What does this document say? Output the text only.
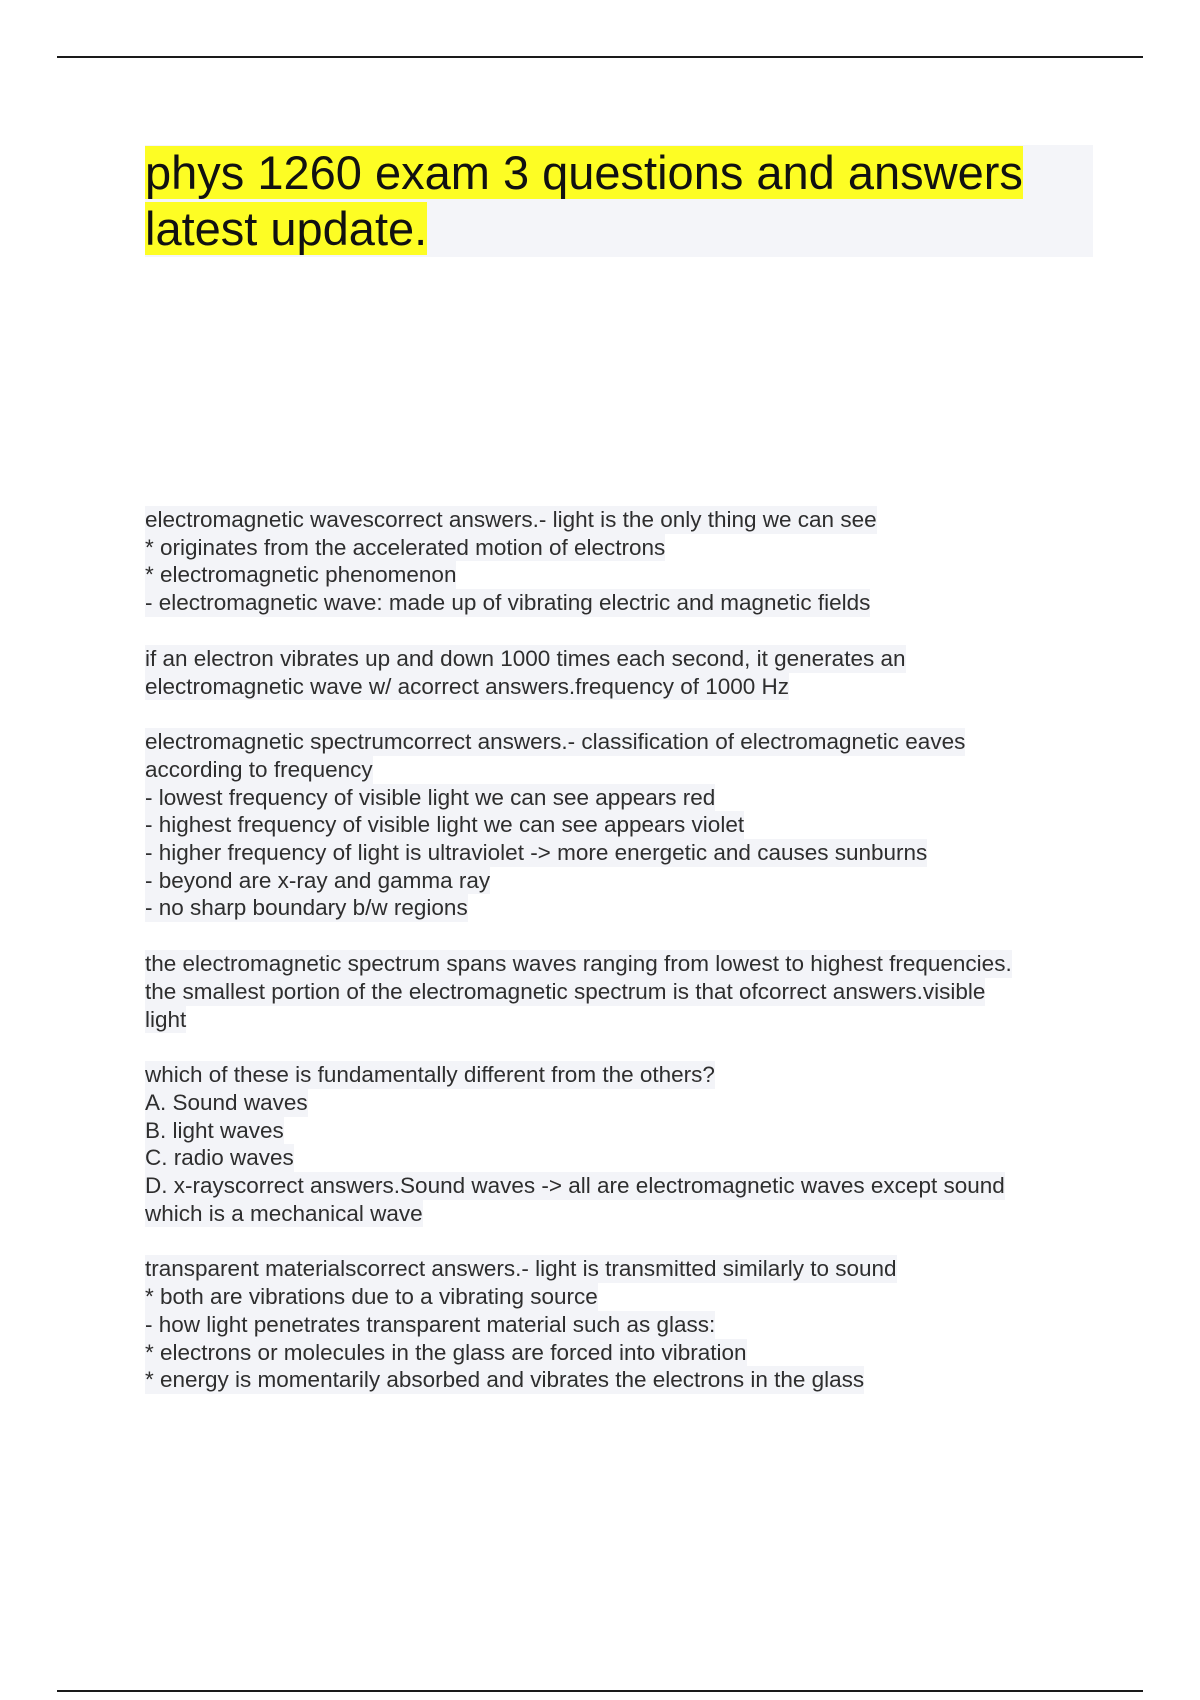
phys 1260 exam 3 questions and answers
latest update.
electromagnetic wavescorrect answers.- light is the only thing we can see
* originates from the accelerated motion of electrons
* electromagnetic phenomenon
- electromagnetic wave: made up of vibrating electric and magnetic fields
if an electron vibrates up and down 1000 times each second, it generates an
electromagnetic wave w/ acorrect answers.frequency of 1000 Hz
electromagnetic spectrumcorrect answers.- classification of electromagnetic eaves
according to frequency
- lowest frequency of visible light we can see appears red
- highest frequency of visible light we can see appears violet
- higher frequency of light is ultraviolet -> more energetic and causes sunburns
- beyond are x-ray and gamma ray
- no sharp boundary b/w regions
the electromagnetic spectrum spans waves ranging from lowest to highest frequencies.
the smallest portion of the electromagnetic spectrum is that ofcorrect answers.visible
light
which of these is fundamentally different from the others?
A. Sound waves
B. light waves
C. radio waves
D. x-rayscorrect answers.Sound waves -> all are electromagnetic waves except sound
which is a mechanical wave
transparent materialscorrect answers.- light is transmitted similarly to sound
* both are vibrations due to a vibrating source
- how light penetrates transparent material such as glass:
* electrons or molecules in the glass are forced into vibration
* energy is momentarily absorbed and vibrates the electrons in the glass
